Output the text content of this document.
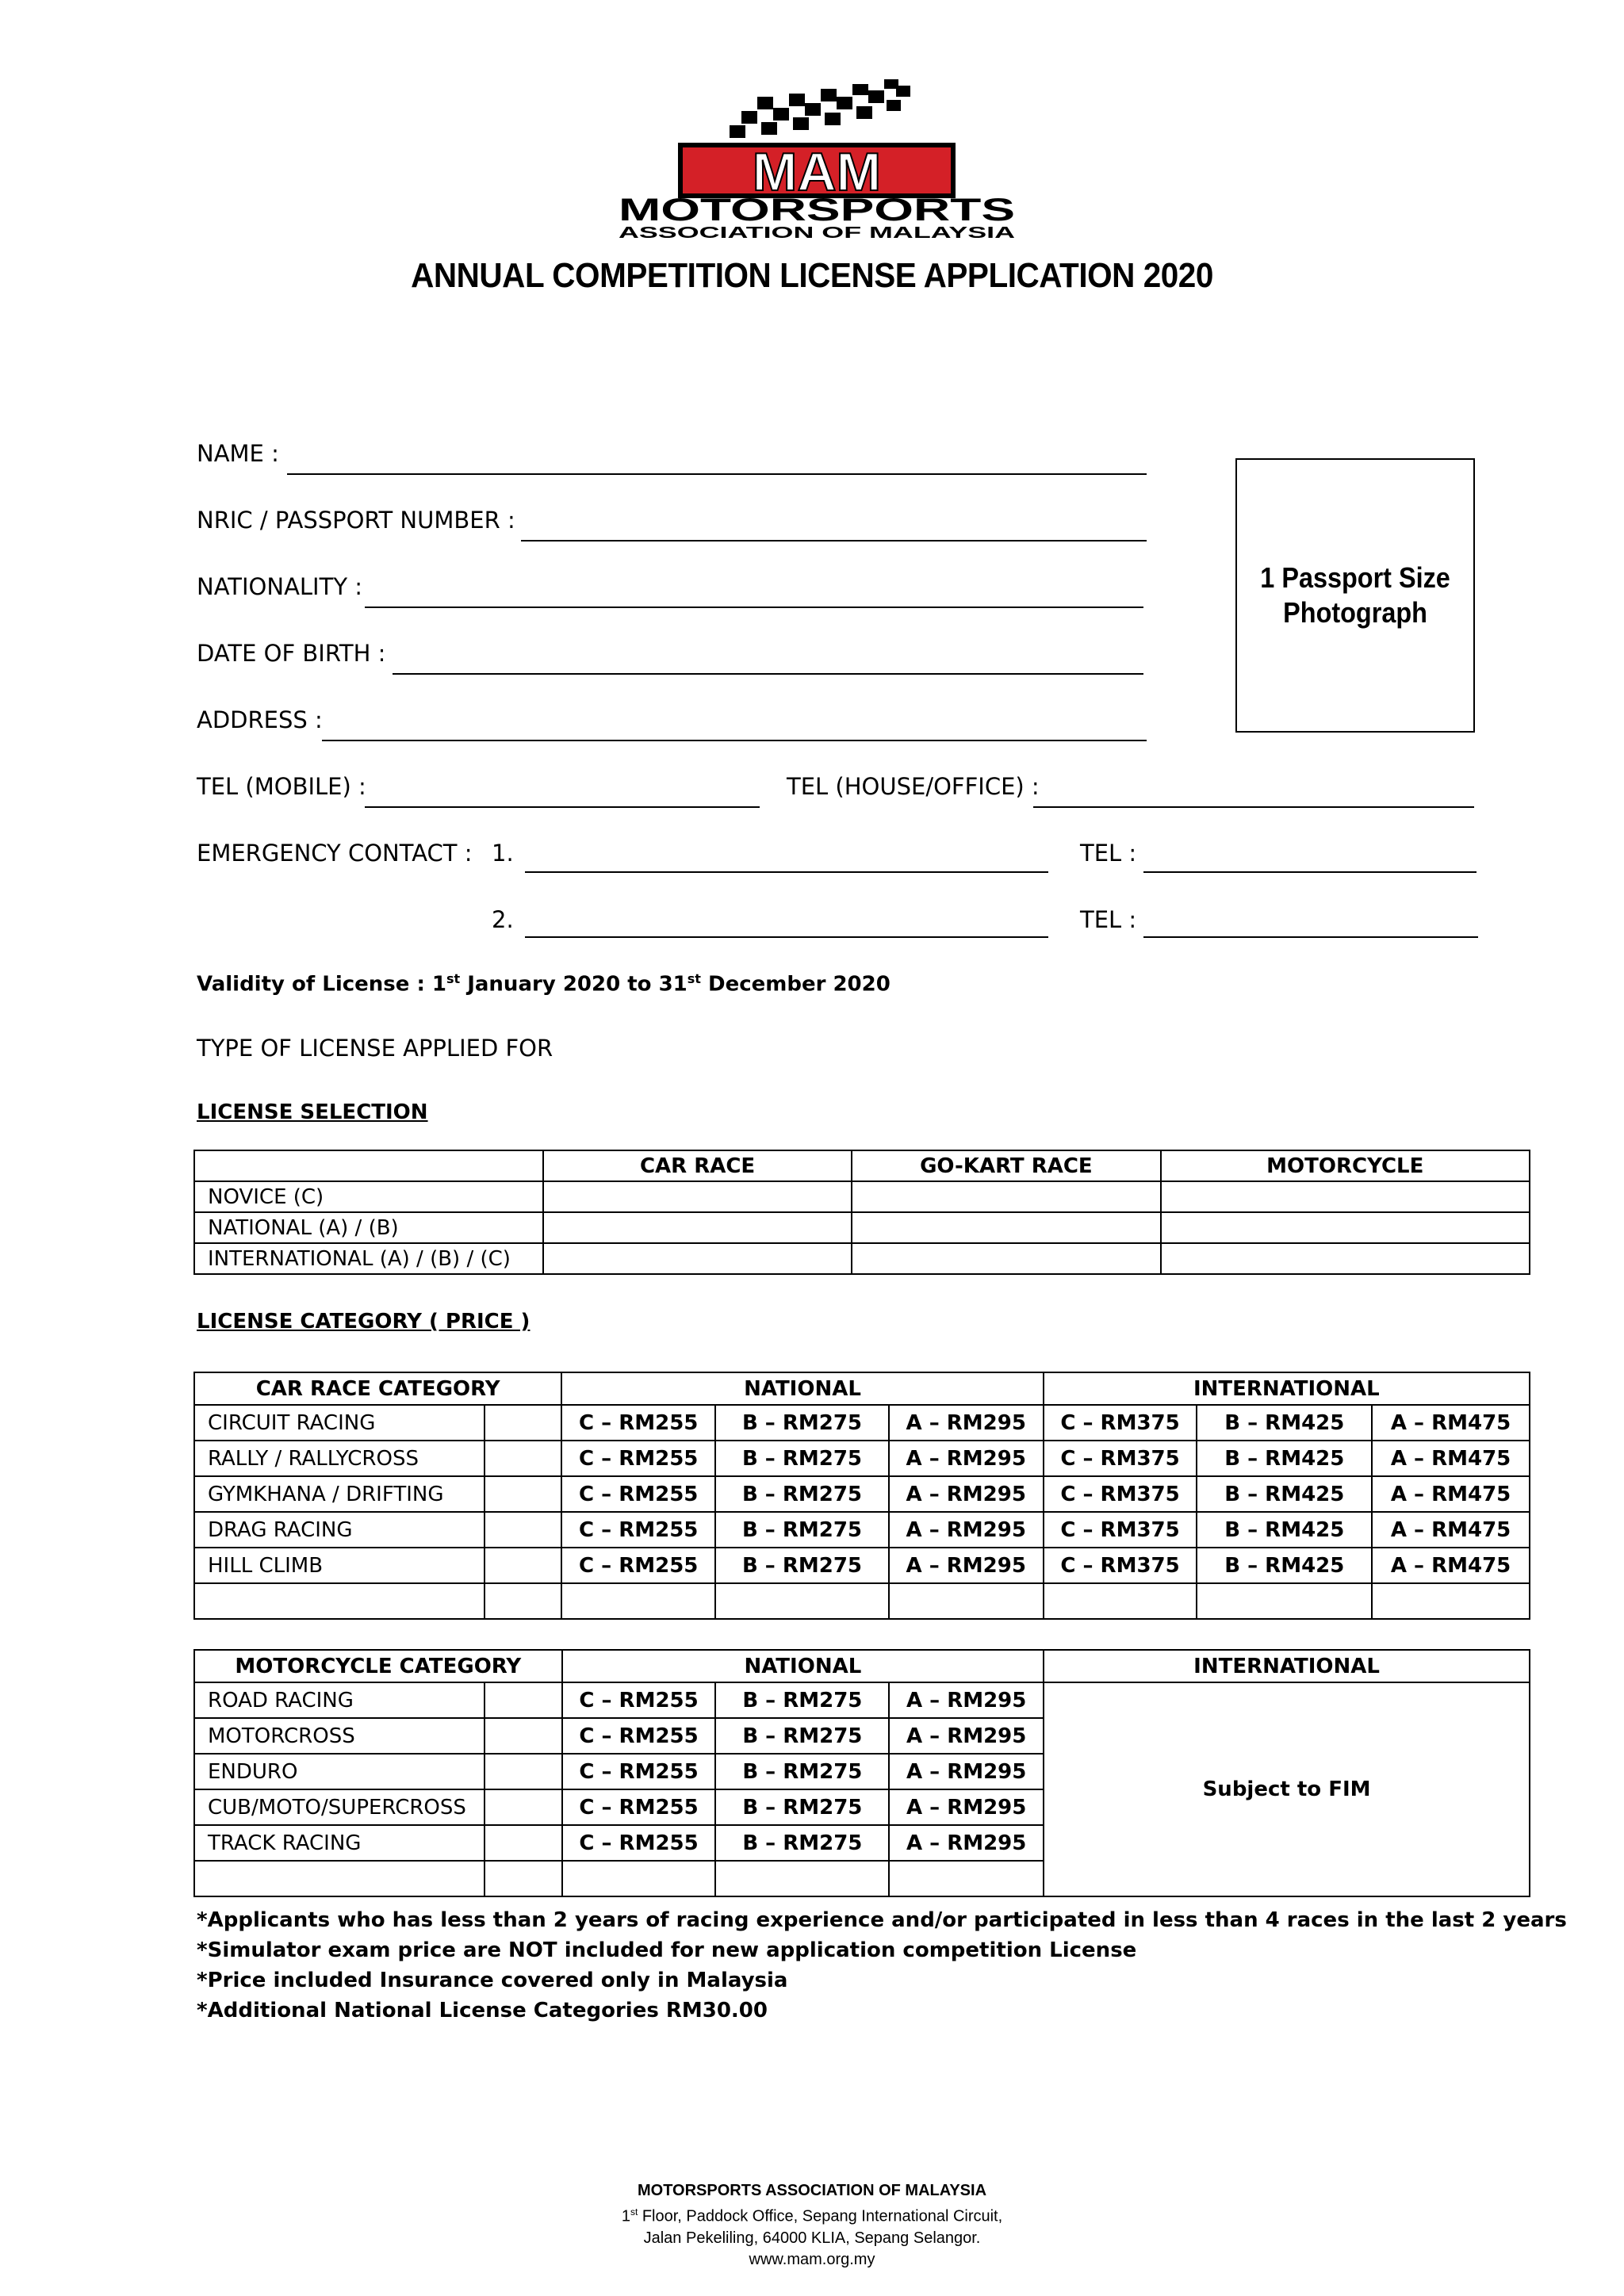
MAM
MOTORSPORTS
ASSOCIATION OF MALAYSIA
ANNUAL COMPETITION LICENSE APPLICATION 2020
NAME :
NRIC / PASSPORT NUMBER :
NATIONALITY :
DATE OF BIRTH :
ADDRESS :
TEL (MOBILE) :	TEL (HOUSE/OFFICE) :
EMERGENCY CONTACT : 1.	TEL :
2.	TEL :
1 Passport Size
Photograph
Validity of License : 1st January 2020 to 31st December 2020
TYPE OF LICENSE APPLIED FOR
LICENSE SELECTION
	CAR RACE	GO-KART RACE	MOTORCYCLE
NOVICE (C)			
NATIONAL (A) / (B)			
INTERNATIONAL (A) / (B) / (C)			
LICENSE CATEGORY ( PRICE )
CAR RACE CATEGORY		NATIONAL			INTERNATIONAL		
CIRCUIT RACING		C – RM255	B – RM275	A – RM295	C – RM375	B – RM425	A – RM475
RALLY / RALLYCROSS		C – RM255	B – RM275	A – RM295	C – RM375	B – RM425	A – RM475
GYMKHANA / DRIFTING		C – RM255	B – RM275	A – RM295	C – RM375	B – RM425	A – RM475
DRAG RACING		C – RM255	B – RM275	A – RM295	C – RM375	B – RM425	A – RM475
HILL CLIMB		C – RM255	B – RM275	A – RM295	C – RM375	B – RM425	A – RM475

MOTORCYCLE CATEGORY		NATIONAL			INTERNATIONAL
ROAD RACING		C – RM255	B – RM275	A – RM295	Subject to FIM
MOTORCROSS		C – RM255	B – RM275	A – RM295	
ENDURO		C – RM255	B – RM275	A – RM295	
CUB/MOTO/SUPERCROSS		C – RM255	B – RM275	A – RM295	
TRACK RACING		C – RM255	B – RM275	A – RM295	

*Applicants who has less than 2 years of racing experience and/or participated in less than 4 races in the last 2 years
*Simulator exam price are NOT included for new application competition License
*Price included Insurance covered only in Malaysia
*Additional National License Categories RM30.00
MOTORSPORTS ASSOCIATION OF MALAYSIA
1st Floor, Paddock Office, Sepang International Circuit,
Jalan Pekeliling, 64000 KLIA, Sepang Selangor.
www.mam.org.my
